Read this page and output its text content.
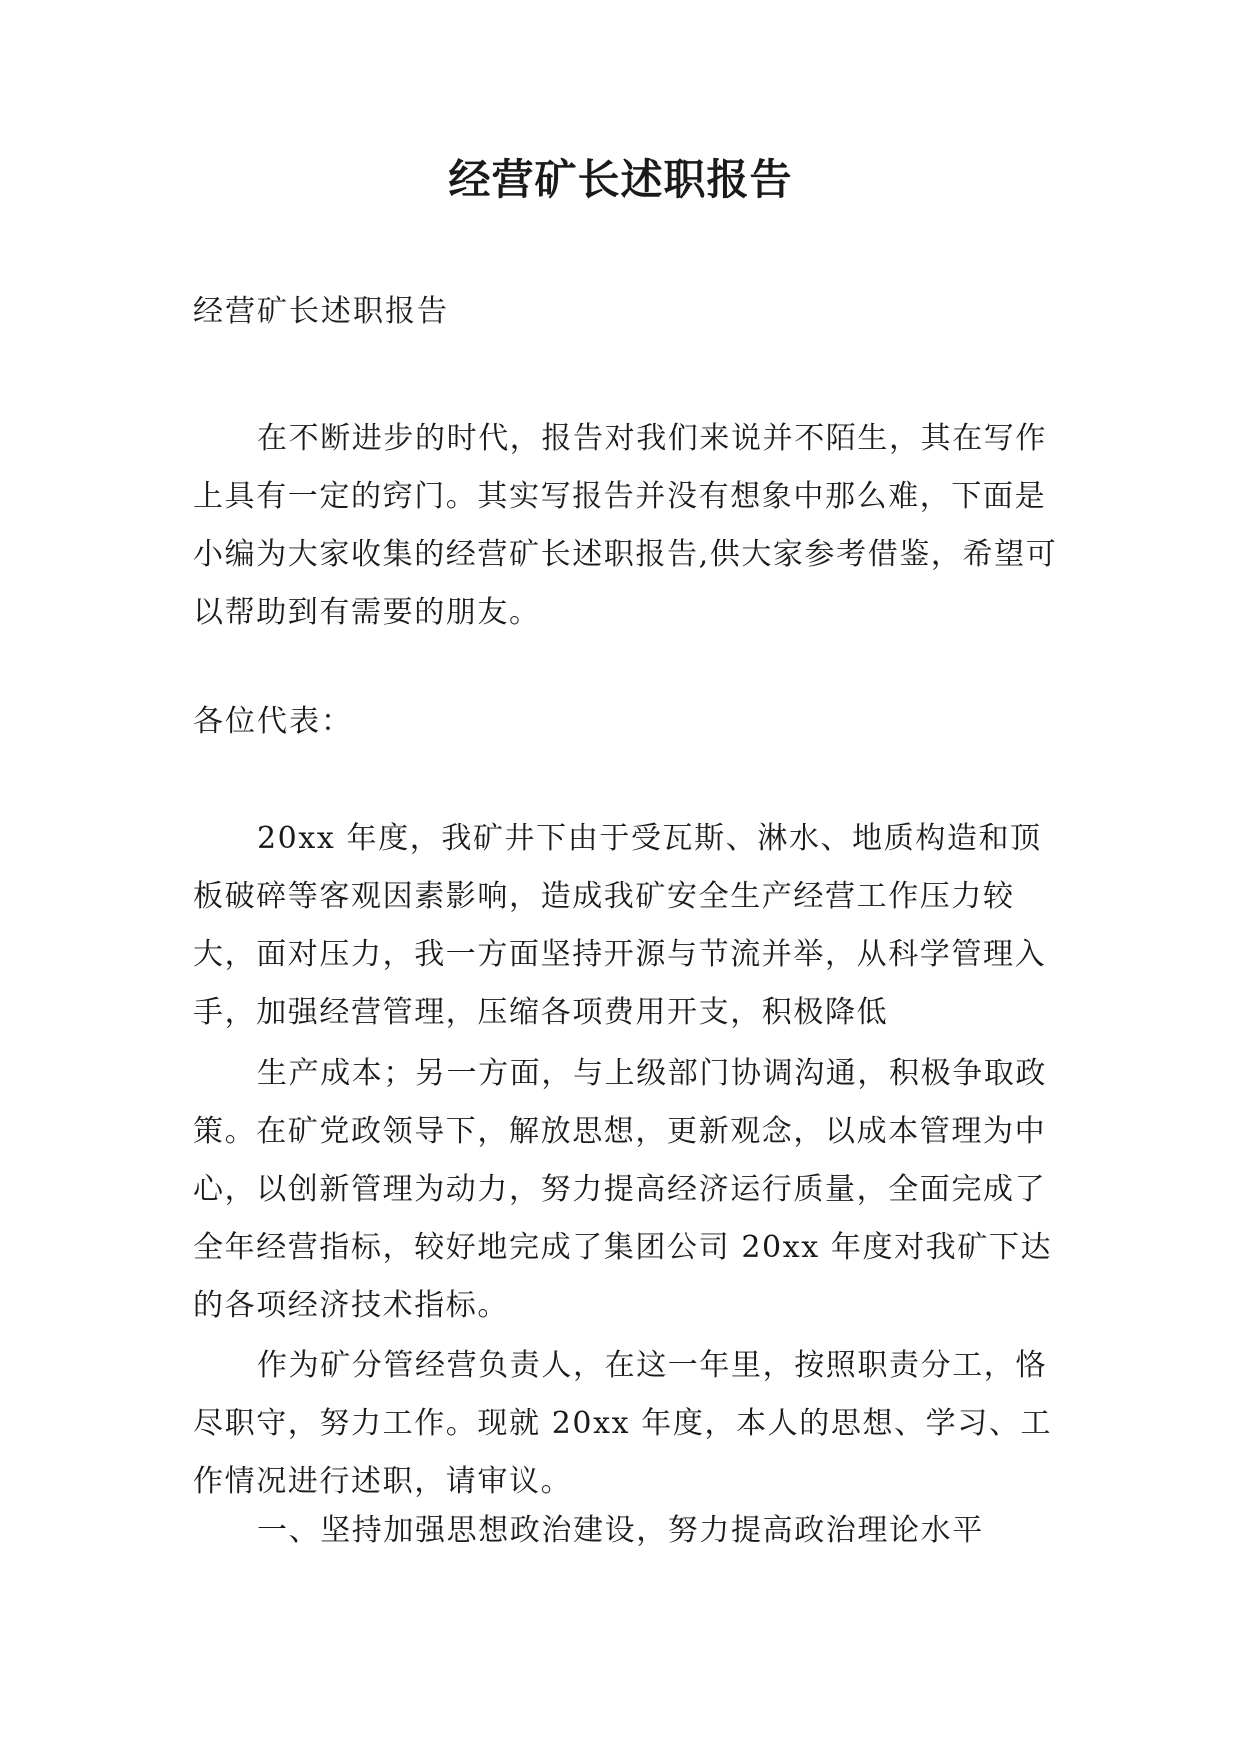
经营矿长述职报告
经营矿长述职报告

在不断进步的时代，报告对我们来说并不陌生，其在写作上具有一定的窍门。其实写报告并没有想象中那么难，下面是小编为大家收集的经营矿长述职报告,供大家参考借鉴，希望可以帮助到有需要的朋友。

各位代表：

20xx 年度，我矿井下由于受瓦斯、淋水、地质构造和顶板破碎等客观因素影响，造成我矿安全生产经营工作压力较大，面对压力，我一方面坚持开源与节流并举，从科学管理入手，加强经营管理，压缩各项费用开支，积极降低

生产成本；另一方面，与上级部门协调沟通，积极争取政策。在矿党政领导下，解放思想，更新观念，以成本管理为中心，以创新管理为动力，努力提高经济运行质量，全面完成了全年经营指标，较好地完成了集团公司 20xx 年度对我矿下达的各项经济技术指标。

作为矿分管经营负责人，在这一年里，按照职责分工，恪尽职守，努力工作。现就 20xx 年度，本人的思想、学习、工作情况进行述职，请审议。

一、坚持加强思想政治建设，努力提高政治理论水平
